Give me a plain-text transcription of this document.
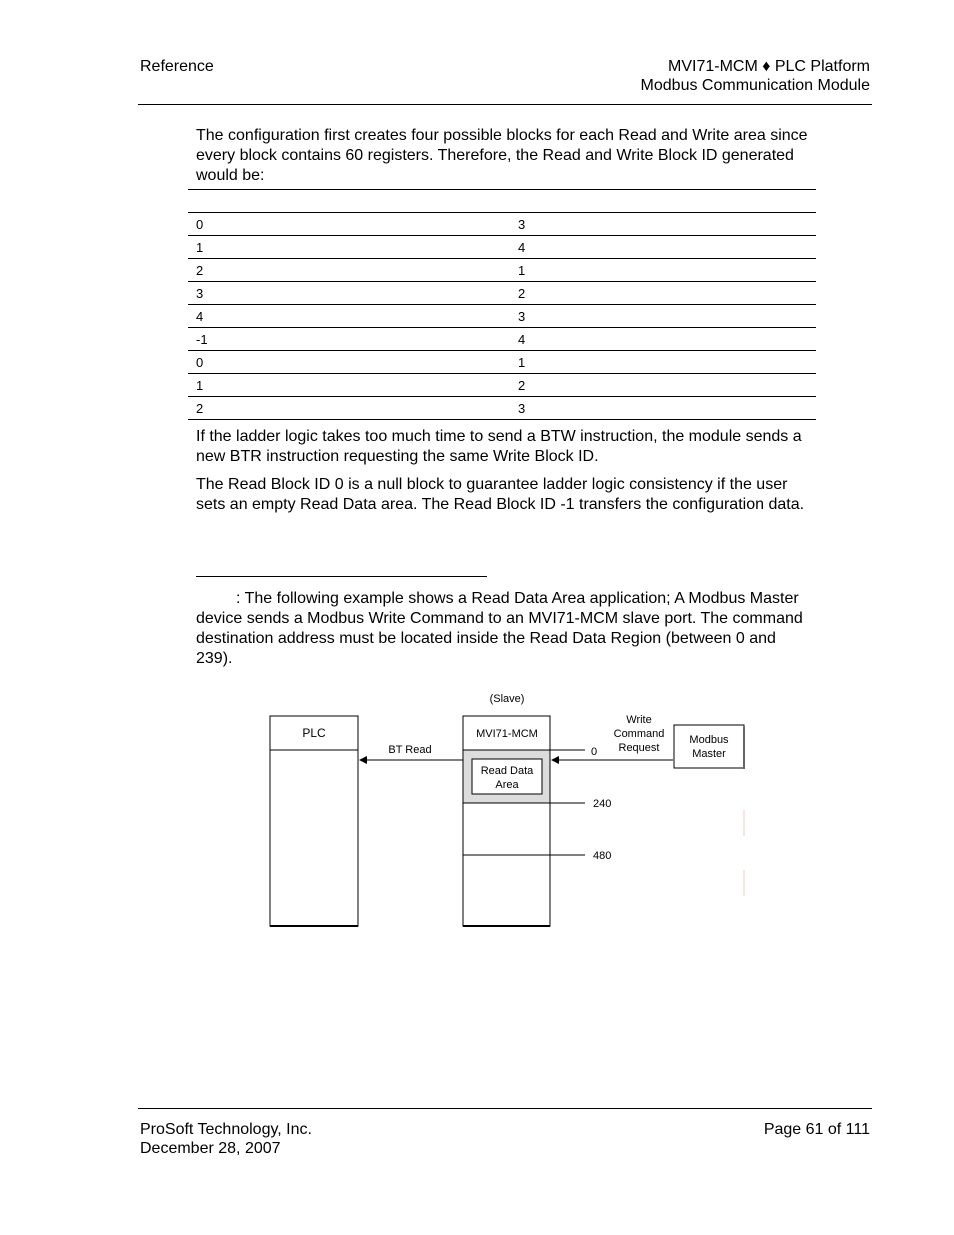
Reference	MVI71-MCM ♦ PLC Platform
Modbus Communication Module
The configuration first creates four possible blocks for each Read and Write area since every block contains 60 registers. Therefore, the Read and Write Block ID generated would be:

0	3
1	4
2	1
3	2
4	3
-1	4
0	1
1	2
2	3
If the ladder logic takes too much time to send a BTW instruction, the module sends a new BTR instruction requesting the same Write Block ID.
The Read Block ID 0 is a null block to guarantee ladder logic consistency if the user sets an empty Read Data area. The Read Block ID -1 transfers the configuration data.
: The following example shows a Read Data Area application; A Modbus Master device sends a Modbus Write Command to an MVI71-MCM slave port. The command destination address must be located inside the Read Data Region (between 0 and 239).
PLC
(Slave)
MVI71-MCM
Read Data
Area
BT Read	0
240
480
Write
Command
Request
Modbus
Master
ProSoft Technology, Inc.
December 28, 2007
Page 61 of 111
